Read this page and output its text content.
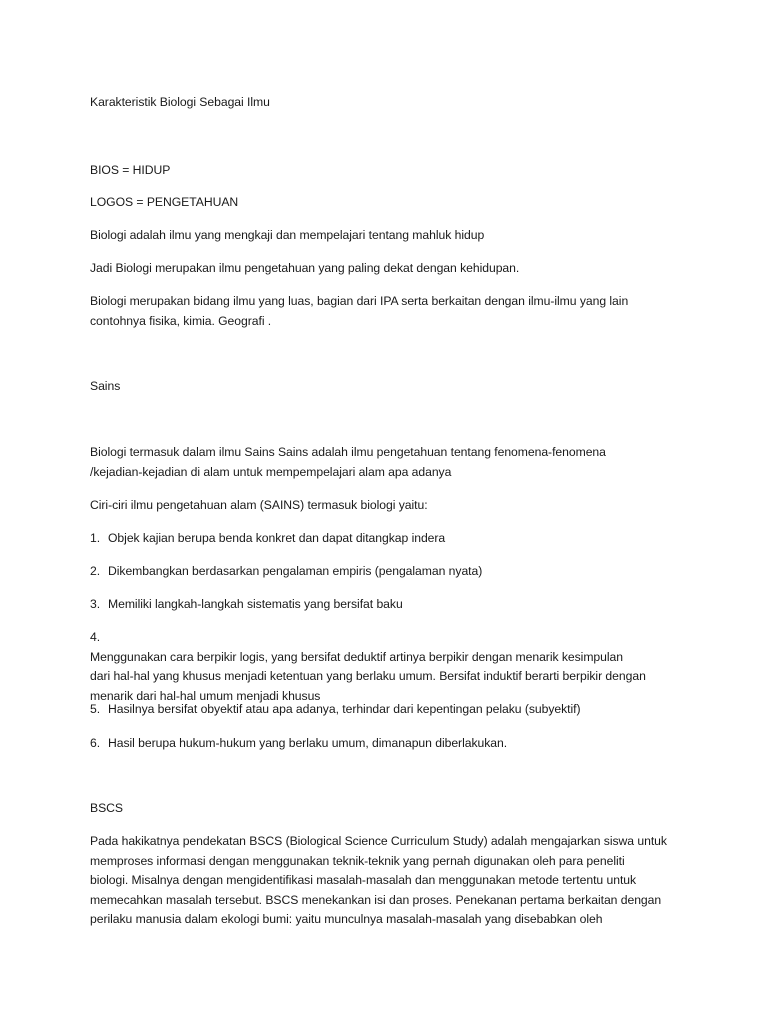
Karakteristik Biologi Sebagai Ilmu

BIOS = HIDUP

LOGOS = PENGETAHUAN

Biologi adalah ilmu yang mengkaji dan mempelajari tentang mahluk hidup

Jadi Biologi merupakan ilmu pengetahuan yang paling dekat dengan kehidupan.

Biologi merupakan bidang ilmu yang luas, bagian dari IPA serta berkaitan dengan ilmu-ilmu yang lain
contohnya fisika, kimia. Geografi .

Sains

Biologi termasuk dalam ilmu Sains Sains adalah ilmu pengetahuan tentang fenomena-fenomena
/kejadian-kejadian di alam untuk mempempelajari alam apa adanya

Ciri-ciri ilmu pengetahuan alam (SAINS) termasuk biologi yaitu:

1. Objek kajian berupa benda konkret dan dapat ditangkap indera

2. Dikembangkan berdasarkan pengalaman empiris (pengalaman nyata)

3. Memiliki langkah-langkah sistematis yang bersifat baku

4.
Menggunakan cara berpikir logis, yang bersifat deduktif artinya berpikir dengan menarik kesimpulan
dari hal-hal yang khusus menjadi ketentuan yang berlaku umum. Bersifat induktif berarti berpikir dengan
menarik dari hal-hal umum menjadi khusus

5. Hasilnya bersifat obyektif atau apa adanya, terhindar dari kepentingan pelaku (subyektif)

6. Hasil berupa hukum-hukum yang berlaku umum, dimanapun diberlakukan.

BSCS

Pada hakikatnya pendekatan BSCS (Biological Science Curriculum Study) adalah mengajarkan siswa untuk
memproses informasi dengan menggunakan teknik-teknik yang pernah digunakan oleh para peneliti
biologi. Misalnya dengan mengidentifikasi masalah-masalah dan menggunakan metode tertentu untuk
memecahkan masalah tersebut. BSCS menekankan isi dan proses. Penekanan pertama berkaitan dengan
perilaku manusia dalam ekologi bumi: yaitu munculnya masalah-masalah yang disebabkan oleh
